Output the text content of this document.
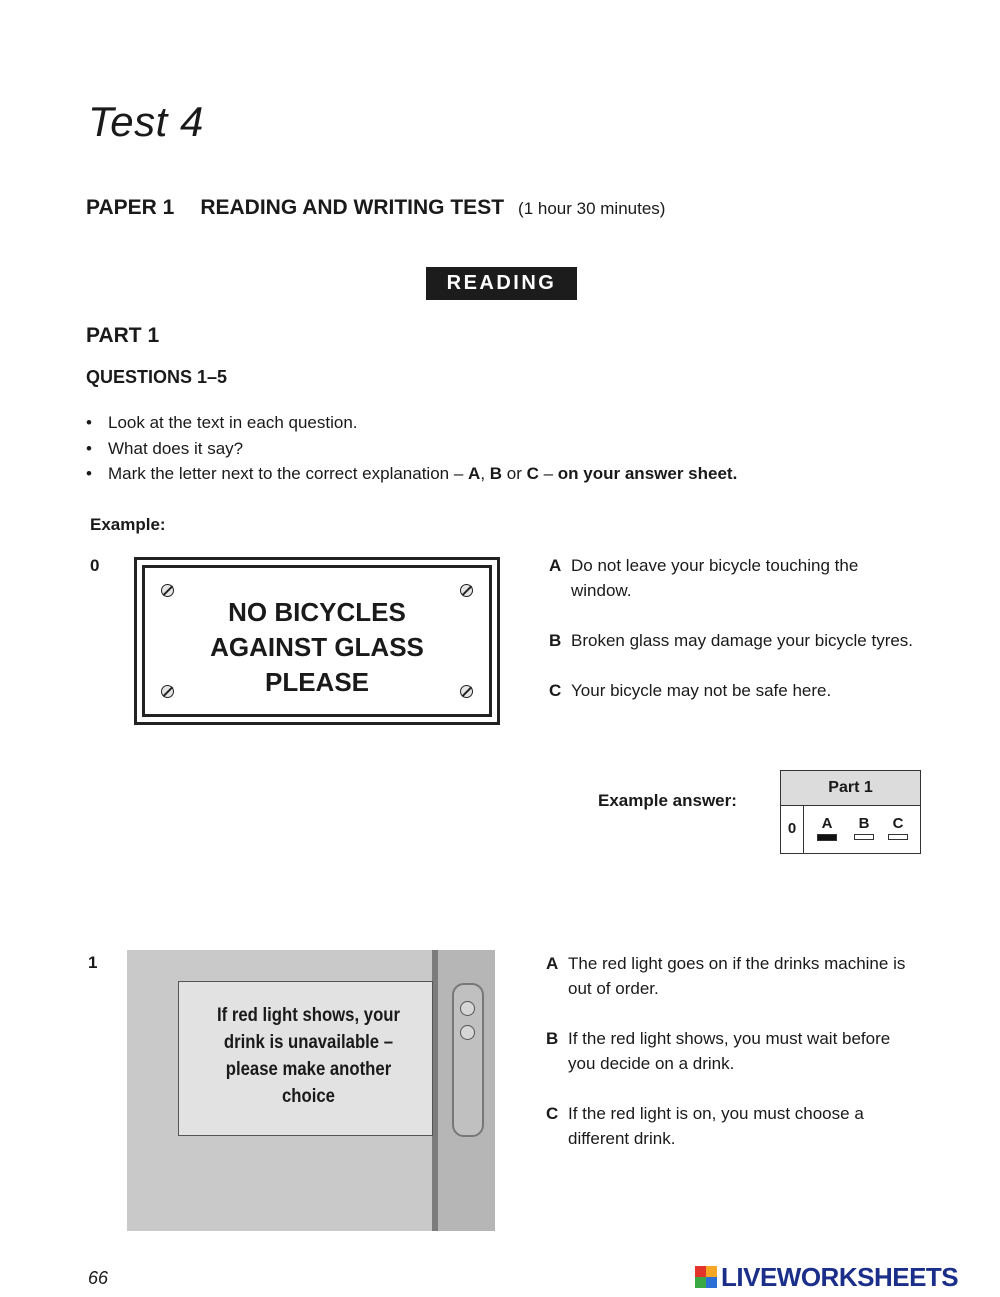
Test 4
PAPER 1 READING AND WRITING TEST (1 hour 30 minutes)
READING
PART 1
QUESTIONS 1–5
• Look at the text in each question.
• What does it say?
• Mark the letter next to the correct explanation – A, B or C – on your answer sheet.
Example:
0
NO BICYCLES
AGAINST GLASS
PLEASE
A Do not leave your bicycle touching the window.
B Broken glass may damage your bicycle tyres.
C Your bicycle may not be safe here.
Example answer:
Part 1
0	A	B	C
1
If red light shows, your drink is unavailable – please make another choice
A The red light goes on if the drinks machine is out of order.
B If the red light shows, you must wait before you decide on a drink.
C If the red light is on, you must choose a different drink.
66	LIVEWORKSHEETS
